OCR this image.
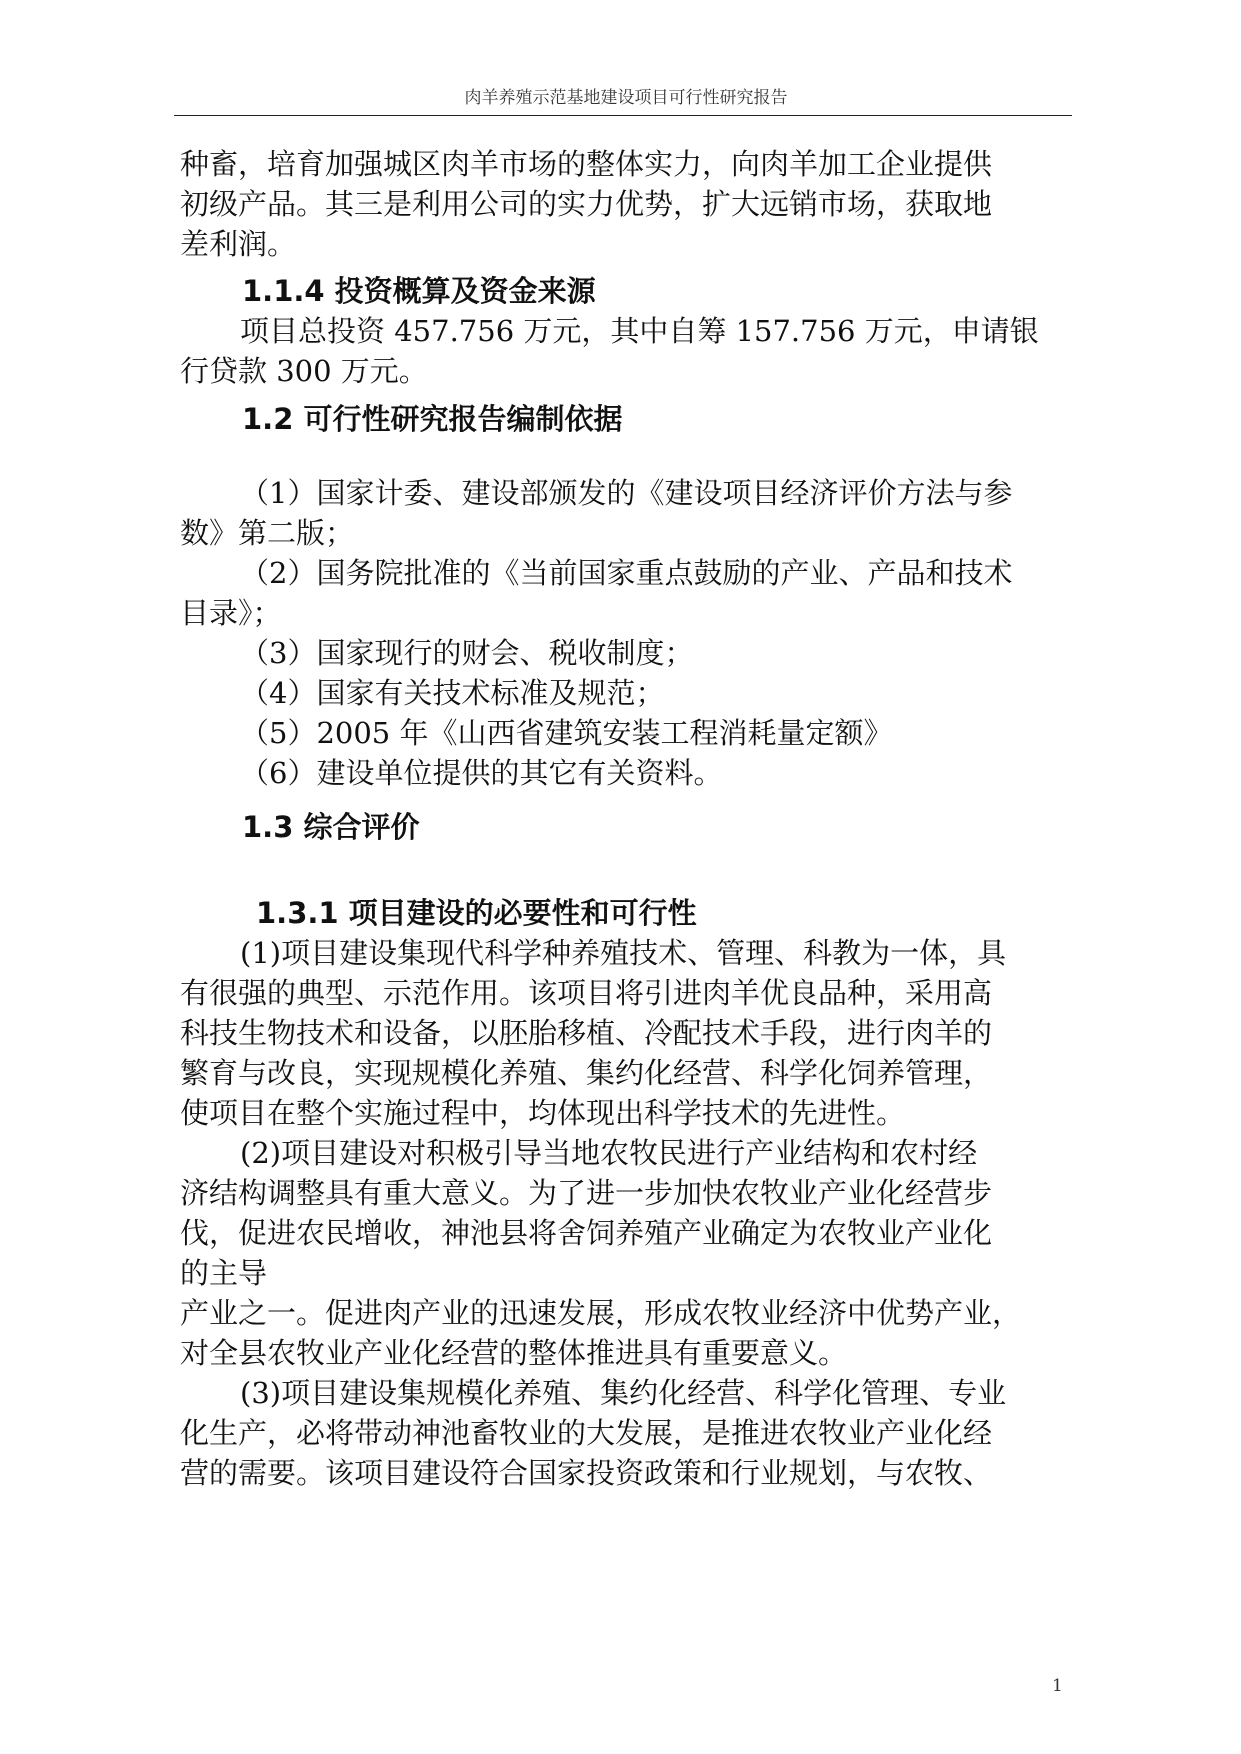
肉羊养殖示范基地建设项目可行性研究报告

种畜，培育加强城区肉羊市场的整体实力，向肉羊加工企业提供

初级产品。其三是利用公司的实力优势，扩大远销市场，获取地

差利润。

1.1.4 投资概算及资金来源

项目总投资 457.756 万元，其中自筹 157.756 万元，申请银

行贷款 300 万元。

1.2 可行性研究报告编制依据

（1）国家计委、建设部颁发的《建设项目经济评价方法与参

数》第二版；

（2）国务院批准的《当前国家重点鼓励的产业、产品和技术

目录》；

（3）国家现行的财会、税收制度；

（4）国家有关技术标准及规范；

（5）2005 年《山西省建筑安装工程消耗量定额》

（6）建设单位提供的其它有关资料。

1.3 综合评价
1.3.1 项目建设的必要性和可行性

(1)项目建设集现代科学种养殖技术、管理、科教为一体，具

有很强的典型、示范作用。该项目将引进肉羊优良品种，采用高

科技生物技术和设备，以胚胎移植、冷配技术手段，进行肉羊的

繁育与改良，实现规模化养殖、集约化经营、科学化饲养管理，

使项目在整个实施过程中，均体现出科学技术的先进性。

(2)项目建设对积极引导当地农牧民进行产业结构和农村经

济结构调整具有重大意义。为了进一步加快农牧业产业化经营步

伐，促进农民增收，神池县将舍饲养殖产业确定为农牧业产业化

的主导

产业之一。促进肉产业的迅速发展，形成农牧业经济中优势产业，

对全县农牧业产业化经营的整体推进具有重要意义。

(3)项目建设集规模化养殖、集约化经营、科学化管理、专业

化生产，必将带动神池畜牧业的大发展，是推进农牧业产业化经

营的需要。该项目建设符合国家投资政策和行业规划，与农牧、

1
